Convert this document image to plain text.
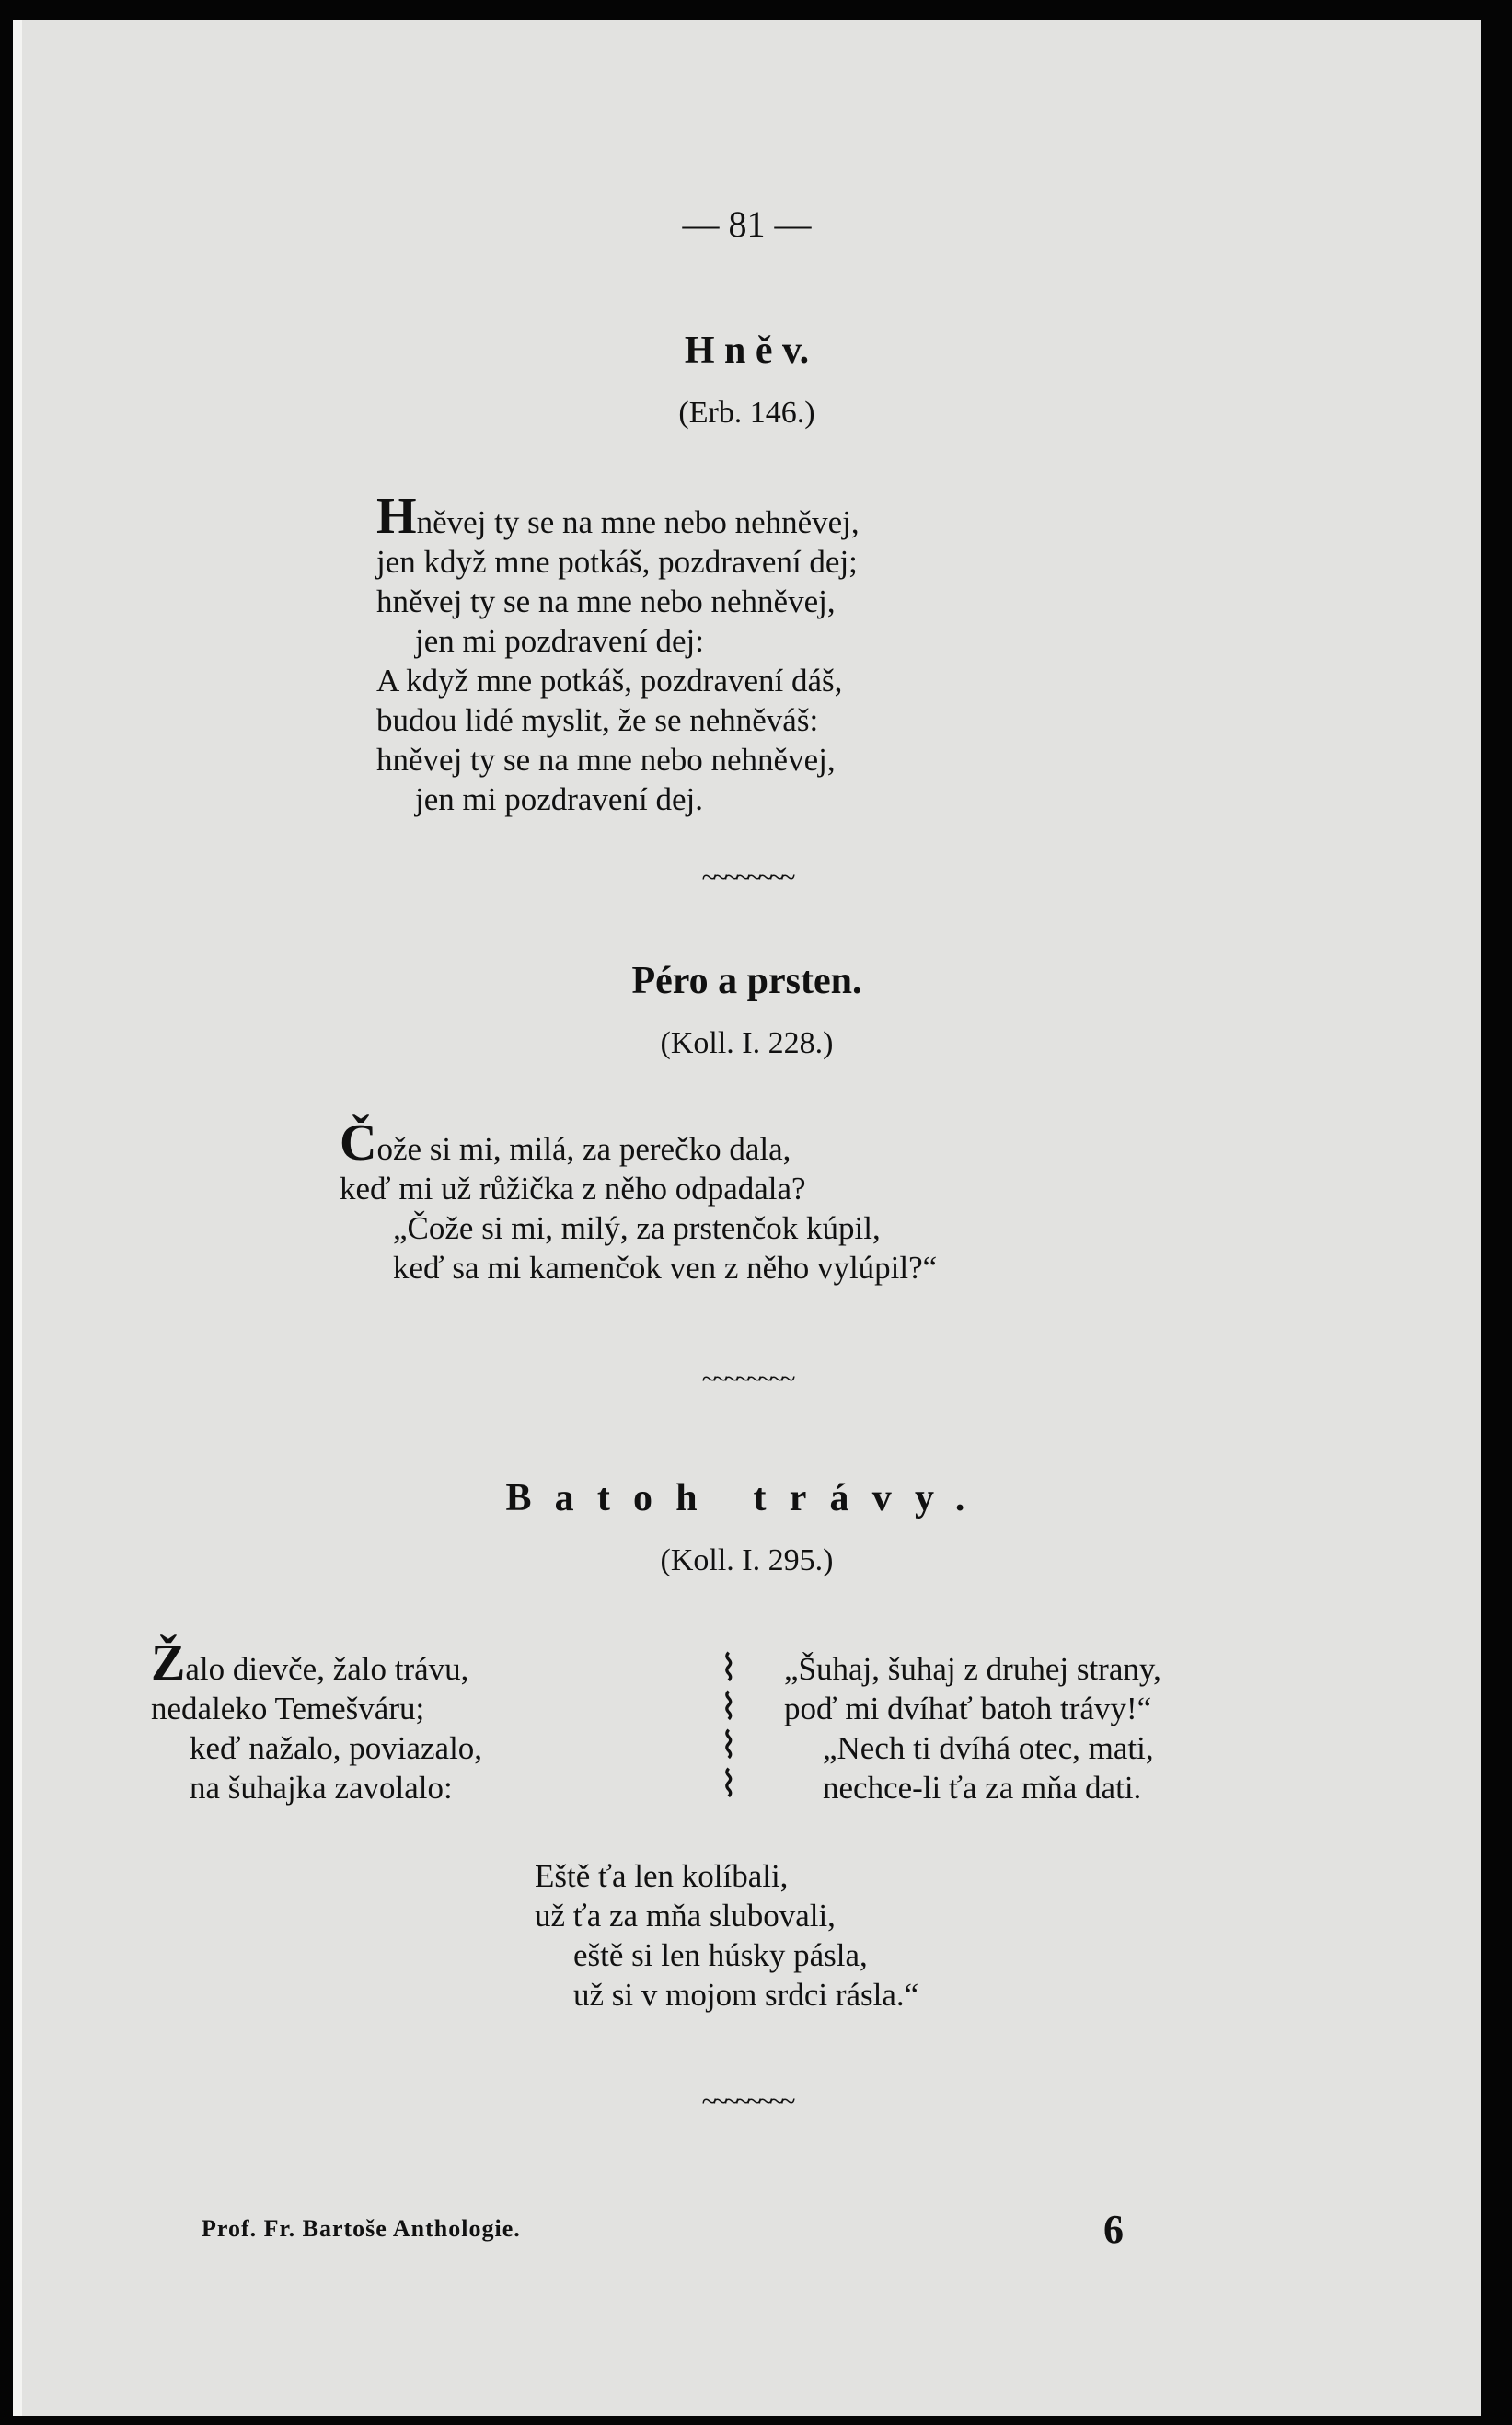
— 81 —
H n ě v.
(Erb. 146.)
Hněvej ty se na mne nebo nehněvej,
jen když mne potkáš, pozdravení dej;
hněvej ty se na mne nebo nehněvej,
jen mi pozdravení dej:
A když mne potkáš, pozdravení dáš,
budou lidé myslit, že se nehněváš:
hněvej ty se na mne nebo nehněvej,
jen mi pozdravení dej.
~~~~~~~~
Péro a prsten.
(Koll. I. 228.)
Čože si mi, milá, za perečko dala,
keď mi už růžička z něho odpadala?
„Čože si mi, milý, za prstenčok kúpil,
keď sa mi kamenčok ven z něho vylúpil?“
~~~~~~~~
Batoh trávy.
(Koll. I. 295.)
Žalo dievče, žalo trávu,
nedaleko Temešváru;
keď nažalo, poviazalo,
na šuhajka zavolalo:
⌇
⌇
⌇
⌇
„Šuhaj, šuhaj z druhej strany,
poď mi dvíhať batoh trávy!“
„Nech ti dvíhá otec, mati,
nechce-li ťa za mňa dati.
Eště ťa len kolíbali,
už ťa za mňa slubovali,
eště si len húsky pásla,
už si v mojom srdci rásla.“
~~~~~~~~
Prof. Fr. Bartoše Anthologie.	6
